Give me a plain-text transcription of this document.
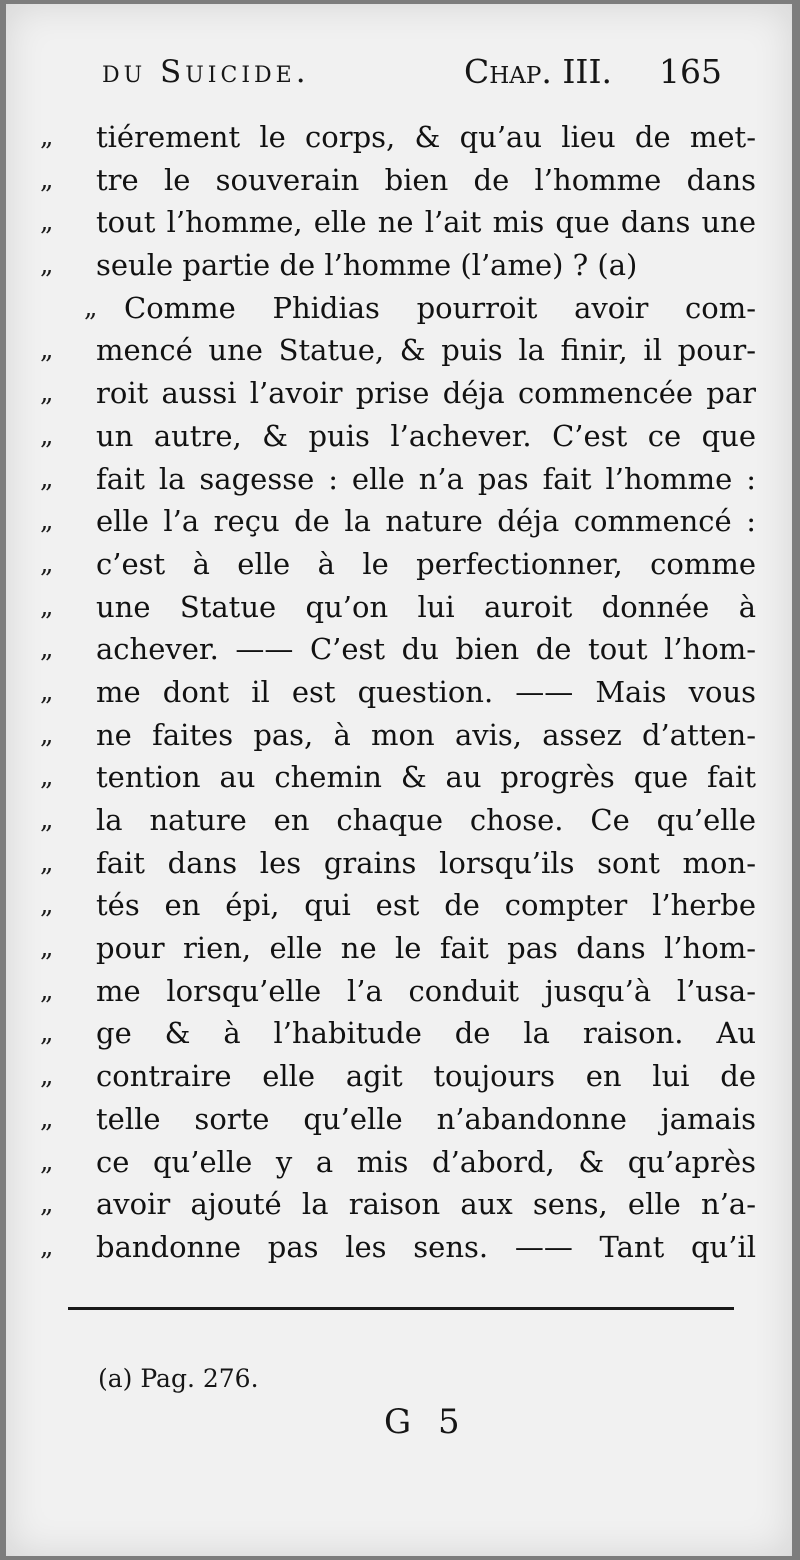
du Suicide.	Chap. III. 165
„	tiérement le corps, & qu’au lieu de met-
„	tre le souverain bien de l’homme dans
„	tout l’homme, elle ne l’ait mis que dans une
„	seule partie de l’homme (l’ame) ? (a)
„ Comme Phidias pourroit avoir com-
„	mencé une Statue, & puis la finir, il pour-
„	roit aussi l’avoir prise déja commencée par
„	un autre, & puis l’achever. C’est ce que
„	fait la sagesse : elle n’a pas fait l’homme :
„	elle l’a reçu de la nature déja commencé :
„	c’est à elle à le perfectionner, comme
„	une Statue qu’on lui auroit donnée à
„	achever. —— C’est du bien de tout l’hom-
„	me dont il est question. —— Mais vous
„	ne faites pas, à mon avis, assez d’atten-
„	tention au chemin & au progrès que fait
„	la nature en chaque chose. Ce qu’elle
„	fait dans les grains lorsqu’ils sont mon-
„	tés en épi, qui est de compter l’herbe
„	pour rien, elle ne le fait pas dans l’hom-
„	me lorsqu’elle l’a conduit jusqu’à l’usa-
„	ge & à l’habitude de la raison. Au
„	contraire elle agit toujours en lui de
„	telle sorte qu’elle n’abandonne jamais
„	ce qu’elle y a mis d’abord, & qu’après
„	avoir ajouté la raison aux sens, elle n’a-
„	bandonne pas les sens. —— Tant qu’il
(a) Pag. 276.
G 5
